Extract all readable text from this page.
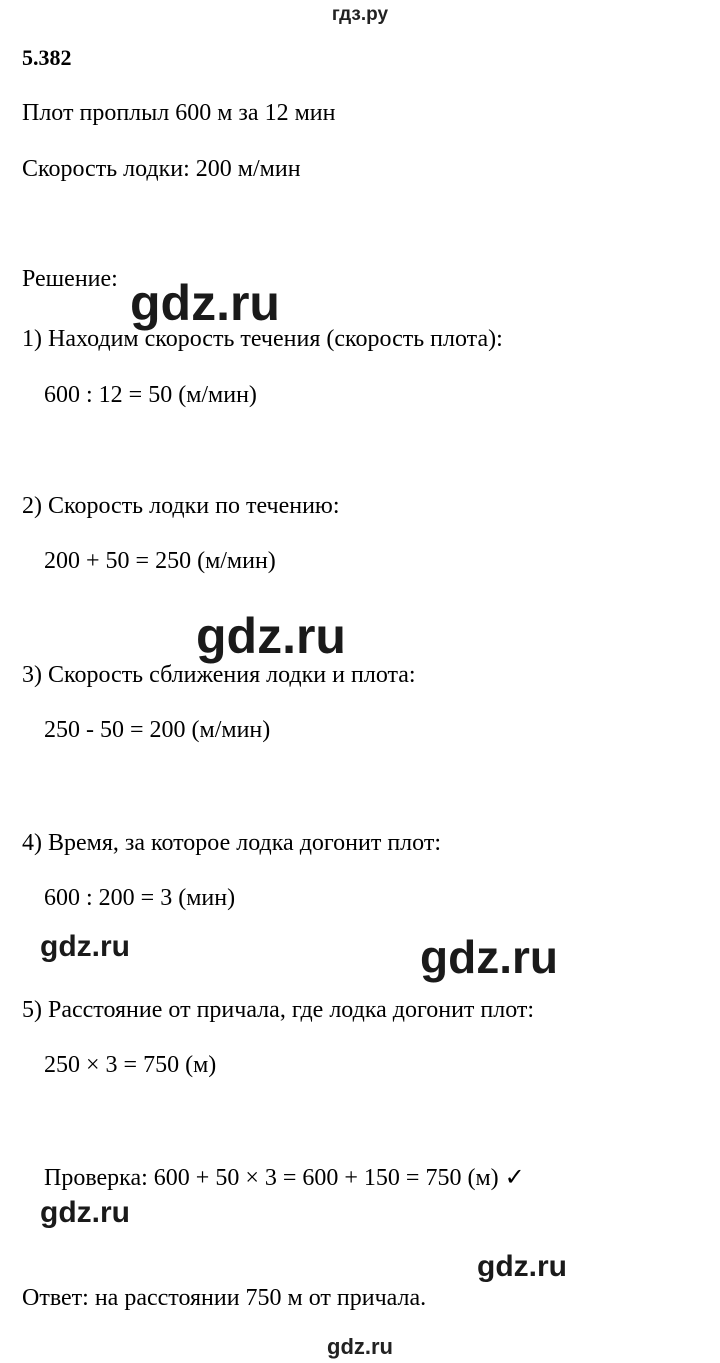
гдз.ру
5.382
Плот проплыл 600 м за 12 мин
Скорость лодки: 200 м/мин
Решение:
1) Находим скорость течения (скорость плота):
600 : 12 = 50 (м/мин)
2) Скорость лодки по течению:
200 + 50 = 250 (м/мин)
3) Скорость сближения лодки и плота:
250 - 50 = 200 (м/мин)
4) Время, за которое лодка догонит плот:
600 : 200 = 3 (мин)
5) Расстояние от причала, где лодка догонит плот:
250 × 3 = 750 (м)
Проверка: 600 + 50 × 3 = 600 + 150 = 750 (м) ✓
Ответ: на расстоянии 750 м от причала.
gdz.ru
gdz.ru
gdz.ru	gdz.ru
gdz.ru
gdz.ru
gdz.ru
